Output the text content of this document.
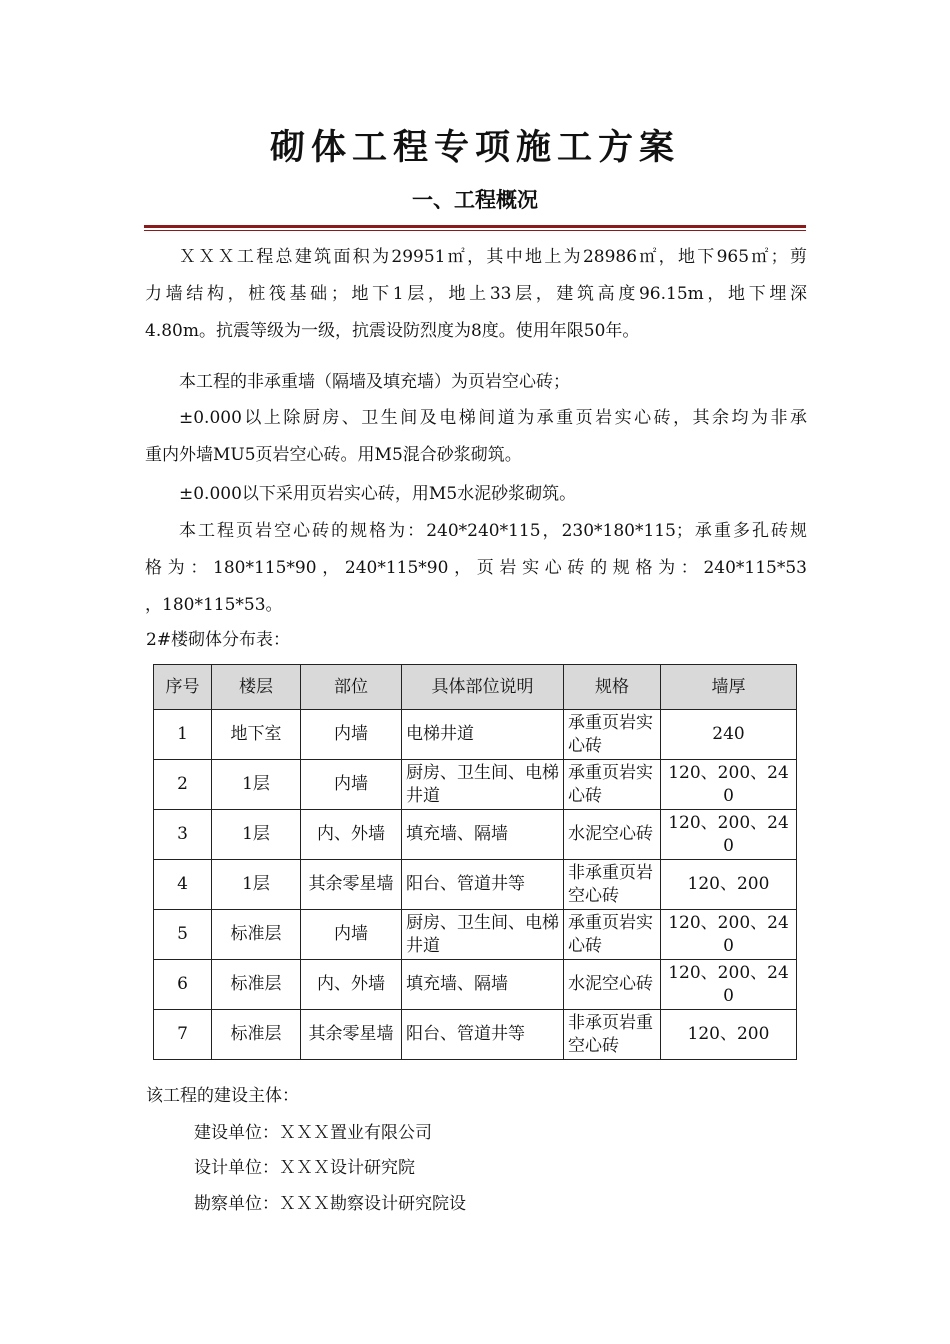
砌体工程专项施工方案
一、工程概况
ＸＸＸ工程总建筑面积为29951㎡，其中地上为28986㎡，地下965㎡；剪
力墙结构，桩筏基础；地下1层，地上33层，建筑高度96.15m，地下埋深
4.80m。抗震等级为一级，抗震设防烈度为8度。使用年限50年。
本工程的非承重墙（隔墙及填充墙）为页岩空心砖；
±0.000以上除厨房、卫生间及电梯间道为承重页岩实心砖，其余均为非承
重内外墙MU5页岩空心砖。用M5混合砂浆砌筑。
±0.000以下采用页岩实心砖，用M5水泥砂浆砌筑。
本工程页岩空心砖的规格为：240*240*115，230*180*115；承重多孔砖规
格为：180*115*90，240*115*90，页岩实心砖的规格为：240*115*53
，180*115*53。
2#楼砌体分布表：
序号	楼层	部位	具体部位说明	规格	墙厚
1	地下室	内墙	电梯井道	承重页岩实心砖	240
2	1层	内墙	厨房、卫生间、电梯井道	承重页岩实心砖	120、200、240
3	1层	内、外墙	填充墙、隔墙	水泥空心砖	120、200、240
4	1层	其余零星墙	阳台、管道井等	非承重页岩空心砖	120、200
5	标准层	内墙	厨房、卫生间、电梯井道	承重页岩实心砖	120、200、240
6	标准层	内、外墙	填充墙、隔墙	水泥空心砖	120、200、240
7	标准层	其余零星墙	阳台、管道井等	非承页岩重空心砖	120、200
该工程的建设主体：
建设单位：ＸＸＸ置业有限公司
设计单位：ＸＸＸ设计研究院
勘察单位：ＸＸＸ勘察设计研究院设
